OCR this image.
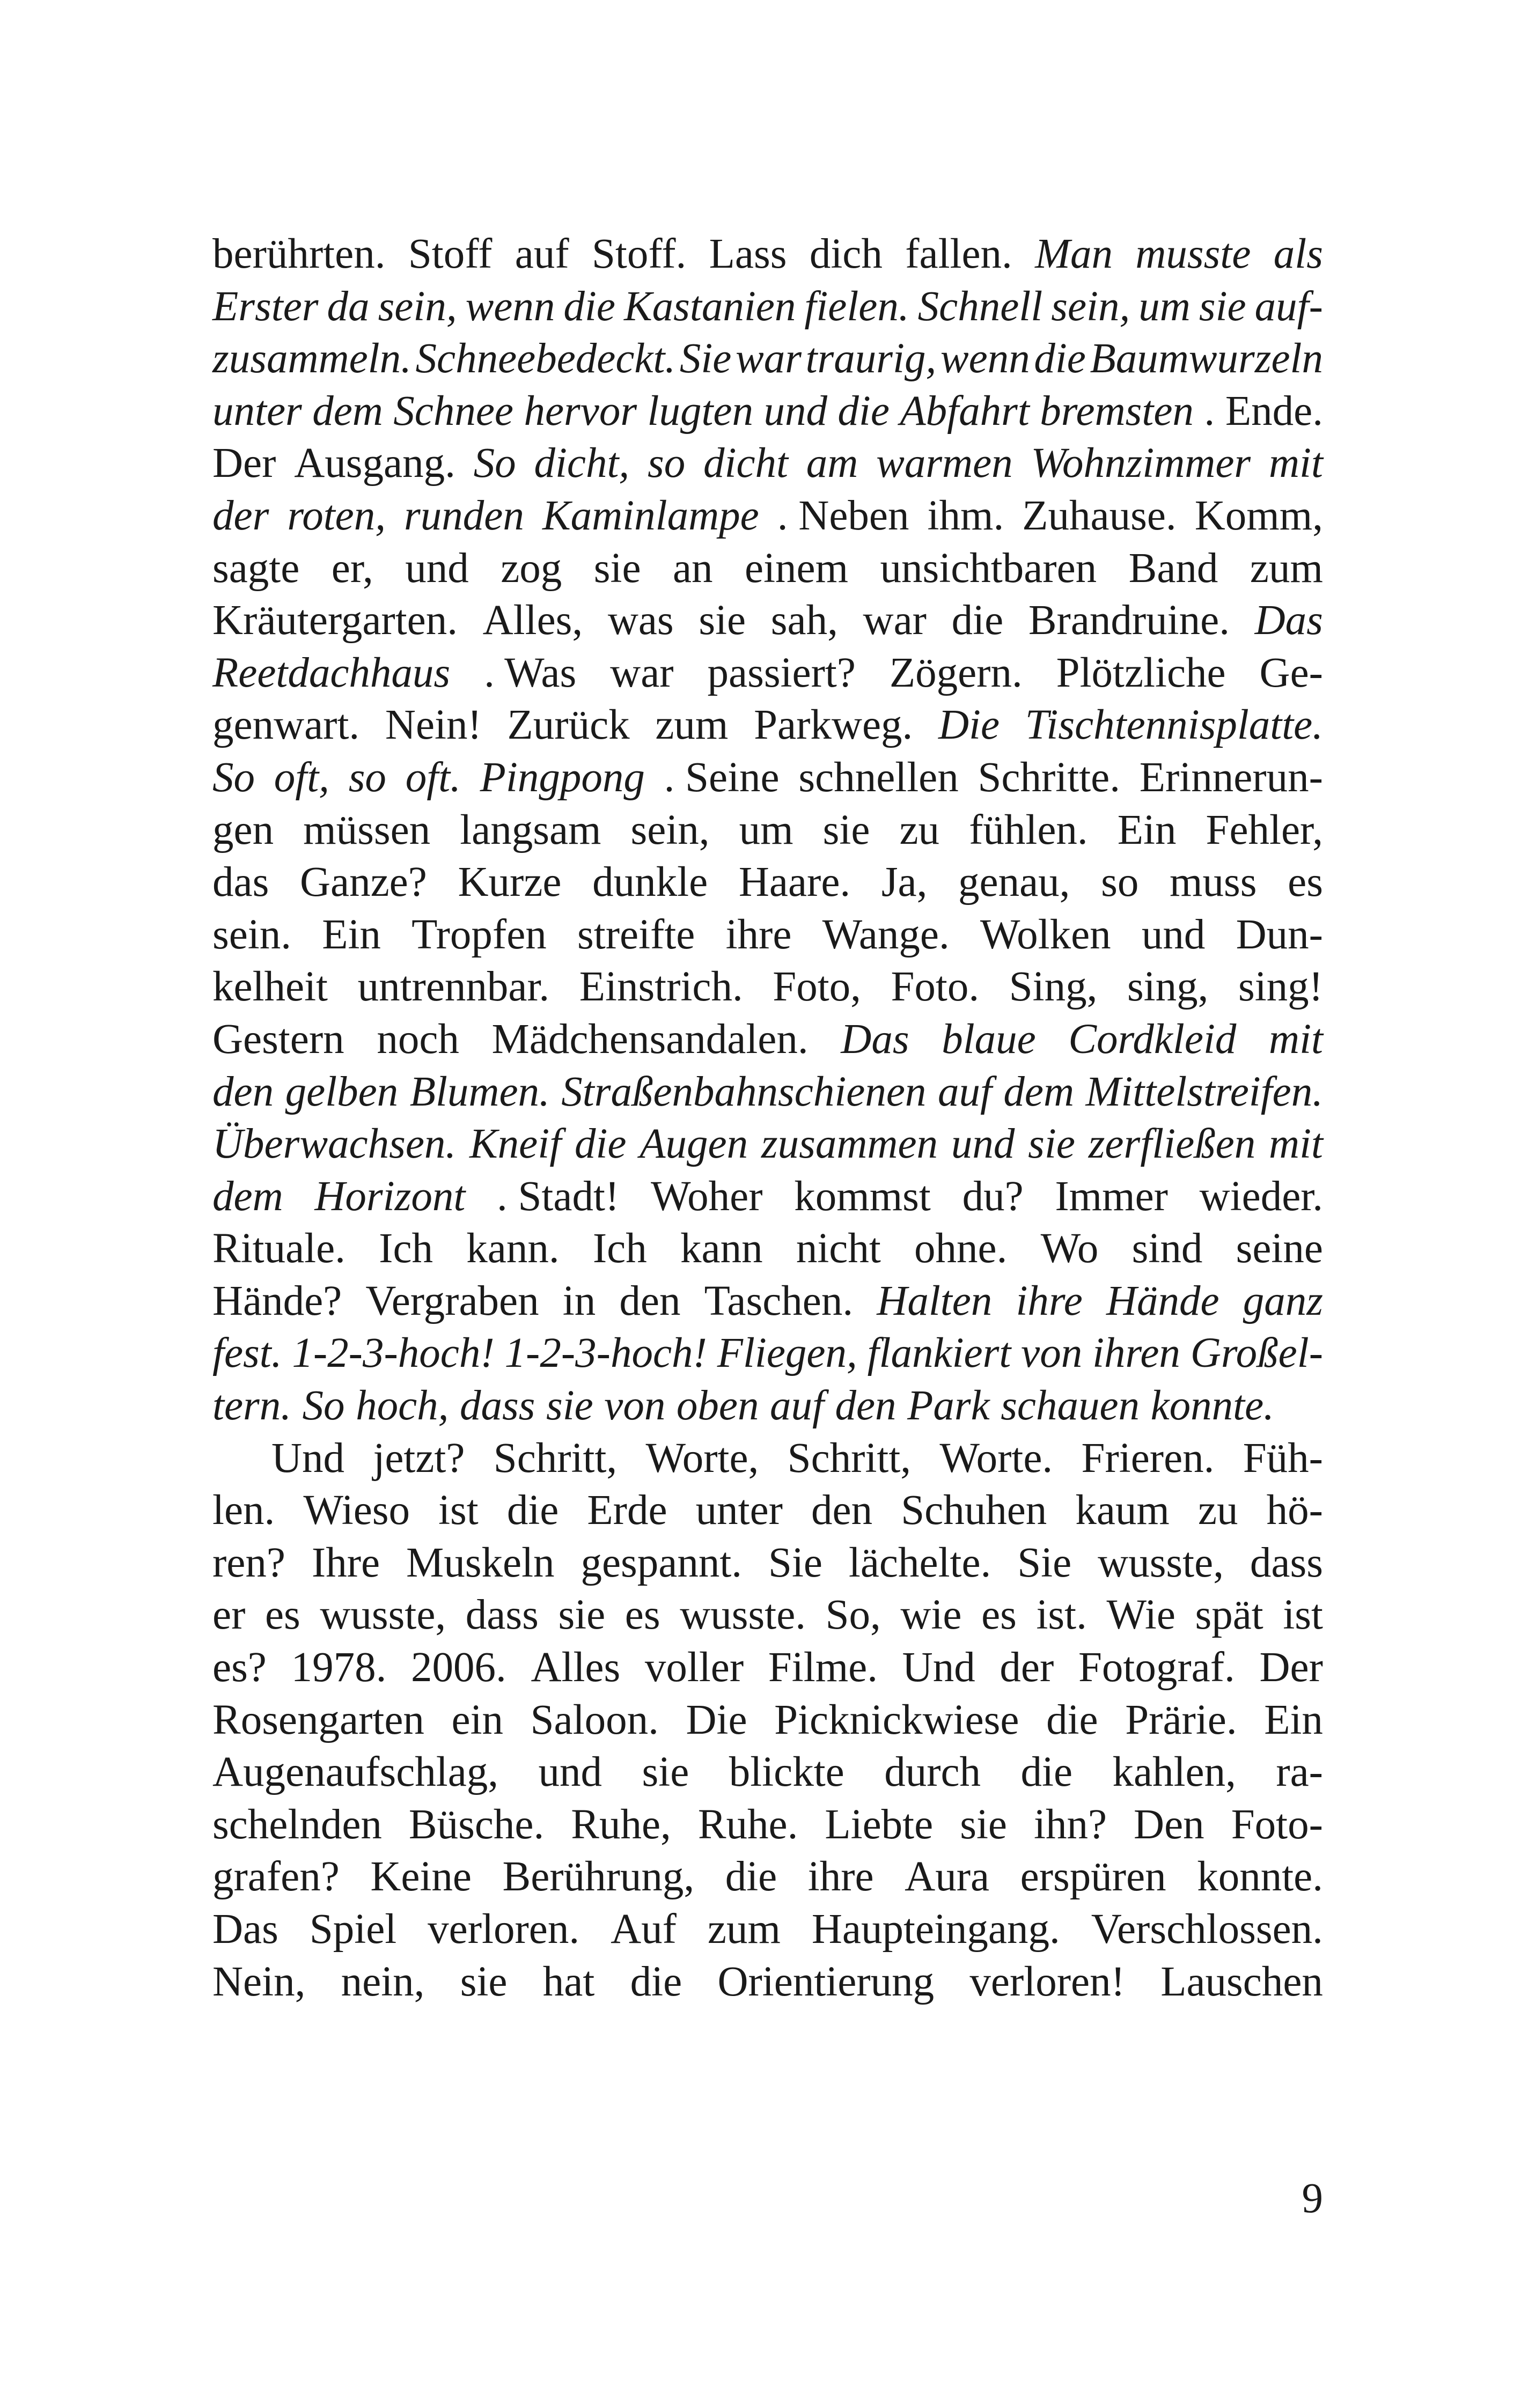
berührten. Stoff auf Stoff. Lass dich fallen. Man musste als
Erster da sein, wenn die Kastanien fielen. Schnell sein, um sie auf-
zusammeln. Schneebedeckt. Sie war traurig, wenn die Baumwurzeln
unter dem Schnee hervor lugten und die Abfahrt bremsten . Ende.
Der Ausgang. So dicht, so dicht am warmen Wohnzimmer mit
der roten, runden Kaminlampe . Neben ihm. Zuhause. Komm,
sagte er, und zog sie an einem unsichtbaren Band zum
Kräutergarten. Alles, was sie sah, war die Brandruine. Das
Reetdachhaus . Was war passiert? Zögern. Plötzliche Ge-
genwart. Nein! Zurück zum Parkweg. Die Tischtennisplatte.
So oft, so oft. Pingpong . Seine schnellen Schritte. Erinnerun-
gen müssen langsam sein, um sie zu fühlen. Ein Fehler,
das Ganze? Kurze dunkle Haare. Ja, genau, so muss es
sein. Ein Tropfen streifte ihre Wange. Wolken und Dun-
kelheit untrennbar. Einstrich. Foto, Foto. Sing, sing, sing!
Gestern noch Mädchensandalen. Das blaue Cordkleid mit
den gelben Blumen. Straßenbahnschienen auf dem Mittelstreifen.
Überwachsen. Kneif die Augen zusammen und sie zerfließen mit
dem Horizont . Stadt! Woher kommst du? Immer wieder.
Rituale. Ich kann. Ich kann nicht ohne. Wo sind seine
Hände? Vergraben in den Taschen. Halten ihre Hände ganz
fest. 1-2-3-hoch! 1-2-3-hoch! Fliegen, flankiert von ihren Großel-
tern. So hoch, dass sie von oben auf den Park schauen konnte.
Und jetzt? Schritt, Worte, Schritt, Worte. Frieren. Füh-
len. Wieso ist die Erde unter den Schuhen kaum zu hö-
ren? Ihre Muskeln gespannt. Sie lächelte. Sie wusste, dass
er es wusste, dass sie es wusste. So, wie es ist. Wie spät ist
es? 1978. 2006. Alles voller Filme. Und der Fotograf. Der
Rosengarten ein Saloon. Die Picknickwiese die Prärie. Ein
Augenaufschlag, und sie blickte durch die kahlen, ra-
schelnden Büsche. Ruhe, Ruhe. Liebte sie ihn? Den Foto-
grafen? Keine Berührung, die ihre Aura erspüren konnte.
Das Spiel verloren. Auf zum Haupteingang. Verschlossen.
Nein, nein, sie hat die Orientierung verloren! Lauschen
9
